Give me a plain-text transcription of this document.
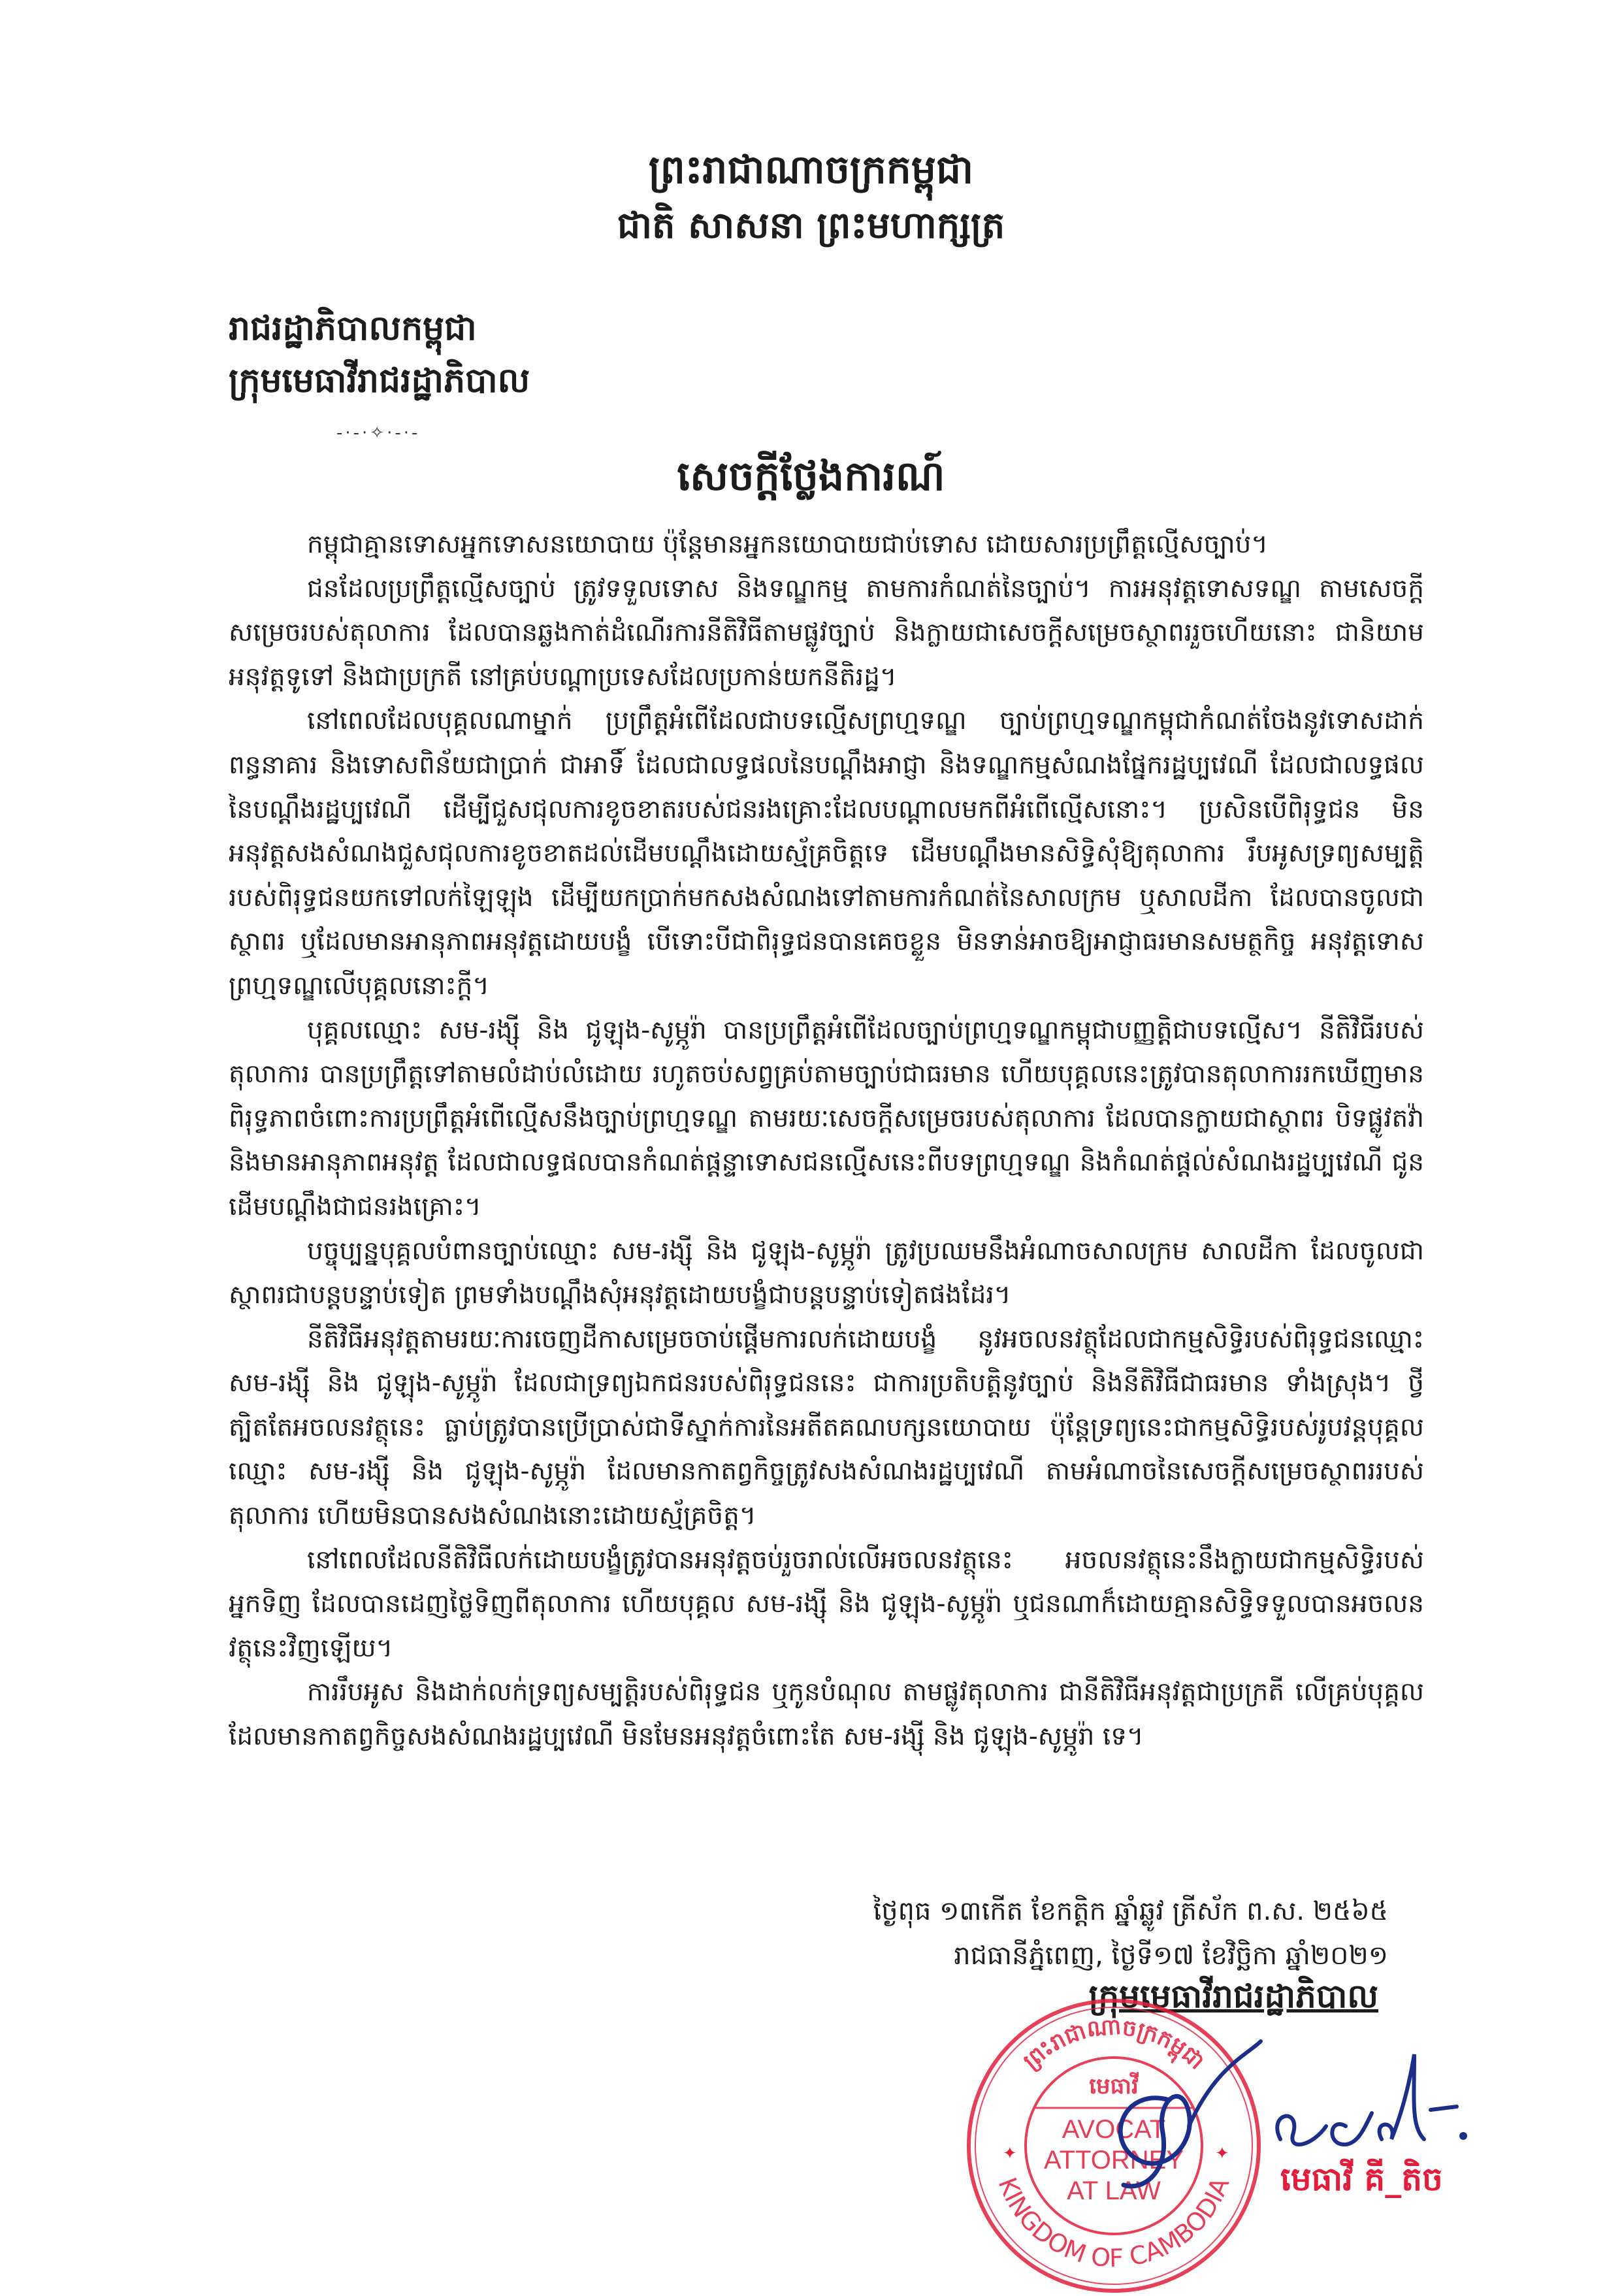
ព្រះរាជាណាចក្រកម្ពុជា
ជាតិ សាសនា ព្រះមហាក្សត្រ
រាជរដ្ឋាភិបាលកម្ពុជា
ក្រុមមេធាវីរាជរដ្ឋាភិបាល
-·-·✧·-·-
សេចក្តីថ្លែងការណ៍

កម្ពុជាគ្មានទោសអ្នកទោសនយោបាយ ប៉ុន្តែមានអ្នកនយោបាយជាប់ទោស ដោយសារប្រព្រឹត្តល្មើសច្បាប់។

ជនដែលប្រព្រឹត្តល្មើសច្បាប់ ត្រូវទទួលទោស និងទណ្ឌកម្ម តាមការកំណត់នៃច្បាប់។ ការអនុវត្តទោសទណ្ឌ តាមសេចក្តីសម្រេចរបស់តុលាការ ដែលបានឆ្លងកាត់ដំណើរការនីតិវិធីតាមផ្លូវច្បាប់ និងក្លាយជាសេចក្តីសម្រេចស្ថាពររួចហើយនោះ ជានិយាមអនុវត្តទូទៅ និងជាប្រក្រតី នៅគ្រប់បណ្តាប្រទេសដែលប្រកាន់យកនីតិរដ្ឋ។

នៅពេលដែលបុគ្គលណាម្នាក់ ប្រព្រឹត្តអំពើដែលជាបទល្មើសព្រហ្មទណ្ឌ ច្បាប់ព្រហ្មទណ្ឌកម្ពុជាកំណត់ចែងនូវទោសដាក់ពន្ធនាគារ និងទោសពិន័យជាប្រាក់ ជាអាទិ៍ ដែលជាលទ្ធផលនៃបណ្តឹងអាជ្ញា និងទណ្ឌកម្មសំណងផ្នែករដ្ឋប្បវេណី ដែលជាលទ្ធផលនៃបណ្តឹងរដ្ឋប្បវេណី ដើម្បីជួសជុលការខូចខាតរបស់ជនរងគ្រោះដែលបណ្តាលមកពីអំពើល្មើសនោះ។ ប្រសិនបើពិរុទ្ធជន មិនអនុវត្តសងសំណងជួសជុលការខូចខាតដល់ដើមបណ្តឹងដោយស្ម័គ្រចិត្តទេ ដើមបណ្តឹងមានសិទ្ធិសុំឱ្យតុលាការ រឹបអូសទ្រព្យសម្បត្តិរបស់ពិរុទ្ធជនយកទៅលក់ឡៃឡុង ដើម្បីយកប្រាក់មកសងសំណងទៅតាមការកំណត់នៃសាលក្រម ឬសាលដីកា ដែលបានចូលជាស្ថាពរ ឬដែលមានអានុភាពអនុវត្តដោយបង្ខំ បើទោះបីជាពិរុទ្ធជនបានគេចខ្លួន មិនទាន់អាចឱ្យអាជ្ញាធរមានសមត្ថកិច្ច អនុវត្តទោសព្រហ្មទណ្ឌលើបុគ្គលនោះក្តី។

បុគ្គលឈ្មោះ សម-រង្ស៊ី និង ជូឡុង-សូម្ភូរ៉ា បានប្រព្រឹត្តអំពើដែលច្បាប់ព្រហ្មទណ្ឌកម្ពុជាបញ្ញត្តិជាបទល្មើស។ នីតិវិធីរបស់តុលាការ បានប្រព្រឹត្តទៅតាមលំដាប់លំដោយ រហូតចប់សព្វគ្រប់តាមច្បាប់ជាធរមាន ហើយបុគ្គលនេះត្រូវបានតុលាការរកឃើញមានពិរុទ្ធភាពចំពោះការប្រព្រឹត្តអំពើល្មើសនឹងច្បាប់ព្រហ្មទណ្ឌ តាមរយៈសេចក្តីសម្រេចរបស់តុលាការ ដែលបានក្លាយជាស្ថាពរ បិទផ្លូវតវ៉ា និងមានអានុភាពអនុវត្ត ដែលជាលទ្ធផលបានកំណត់ផ្តន្ទាទោសជនល្មើសនេះពីបទព្រហ្មទណ្ឌ និងកំណត់ផ្តល់សំណងរដ្ឋប្បវេណី ជូនដើមបណ្តឹងជាជនរងគ្រោះ។

បច្ចុប្បន្នបុគ្គលបំពានច្បាប់ឈ្មោះ សម-រង្ស៊ី និង ជូឡុង-សូម្ភូរ៉ា ត្រូវប្រឈមនឹងអំណាចសាលក្រម សាលដីកា ដែលចូលជាស្ថាពរជាបន្តបន្ទាប់ទៀត ព្រមទាំងបណ្តឹងសុំអនុវត្តដោយបង្ខំជាបន្តបន្ទាប់ទៀតផងដែរ។

នីតិវិធីអនុវត្តតាមរយៈការចេញដីកាសម្រេចចាប់ផ្តើមការលក់ដោយបង្ខំ នូវអចលនវត្ថុដែលជាកម្មសិទ្ធិរបស់ពិរុទ្ធជនឈ្មោះ សម-រង្ស៊ី និង ជូឡុង-សូម្ភូរ៉ា ដែលជាទ្រព្យឯកជនរបស់ពិរុទ្ធជននេះ ជាការប្រតិបត្តិនូវច្បាប់ និងនីតិវិធីជាធរមាន ទាំងស្រុង។ ថ្វីត្បិតតែអចលនវត្ថុនេះ ធ្លាប់ត្រូវបានប្រើប្រាស់ជាទីស្នាក់ការនៃអតីតគណបក្សនយោបាយ ប៉ុន្តែទ្រព្យនេះជាកម្មសិទ្ធិរបស់រូបវន្តបុគ្គលឈ្មោះ សម-រង្ស៊ី និង ជូឡុង-សូម្ភូរ៉ា ដែលមានកាតព្វកិច្ចត្រូវសងសំណងរដ្ឋប្បវេណី តាមអំណាចនៃសេចក្តីសម្រេចស្ថាពររបស់តុលាការ ហើយមិនបានសងសំណងនោះដោយស្ម័គ្រចិត្ត។

នៅពេលដែលនីតិវិធីលក់ដោយបង្ខំត្រូវបានអនុវត្តចប់រួចរាល់លើអចលនវត្ថុនេះ អចលនវត្ថុនេះនឹងក្លាយជាកម្មសិទ្ធិរបស់អ្នកទិញ ដែលបានដេញថ្លៃទិញពីតុលាការ ហើយបុគ្គល សម-រង្ស៊ី និង ជូឡុង-សូម្ភូរ៉ា ឬជនណាក៏ដោយគ្មានសិទ្ធិទទួលបានអចលនវត្ថុនេះវិញឡើយ។

ការរឹបអូស និងដាក់លក់ទ្រព្យសម្បត្តិរបស់ពិរុទ្ធជន ឬកូនបំណុល តាមផ្លូវតុលាការ ជានីតិវិធីអនុវត្តជាប្រក្រតី លើគ្រប់បុគ្គលដែលមានកាតព្វកិច្ចសងសំណងរដ្ឋប្បវេណី មិនមែនអនុវត្តចំពោះតែ សម-រង្ស៊ី និង ជូឡុង-សូម្ភូរ៉ា ទេ។

ថ្ងៃពុធ ១៣កើត ខែកត្តិក ឆ្នាំឆ្លូវ ត្រីស័ក ព.ស. ២៥៦៥
រាជធានីភ្នំពេញ, ថ្ងៃទី១៧ ខែវិច្ឆិកា ឆ្នាំ២០២១
ក្រុមមេធាវីរាជរដ្ឋាភិបាល
ព្រះរាជាណាចក្រកម្ពុជា
KINGDOM OF CAMBODIA
មេធាវី
AVOCAT
ATTORNEY
AT LAW
✦	✦
មេធាវី គី_តិច
